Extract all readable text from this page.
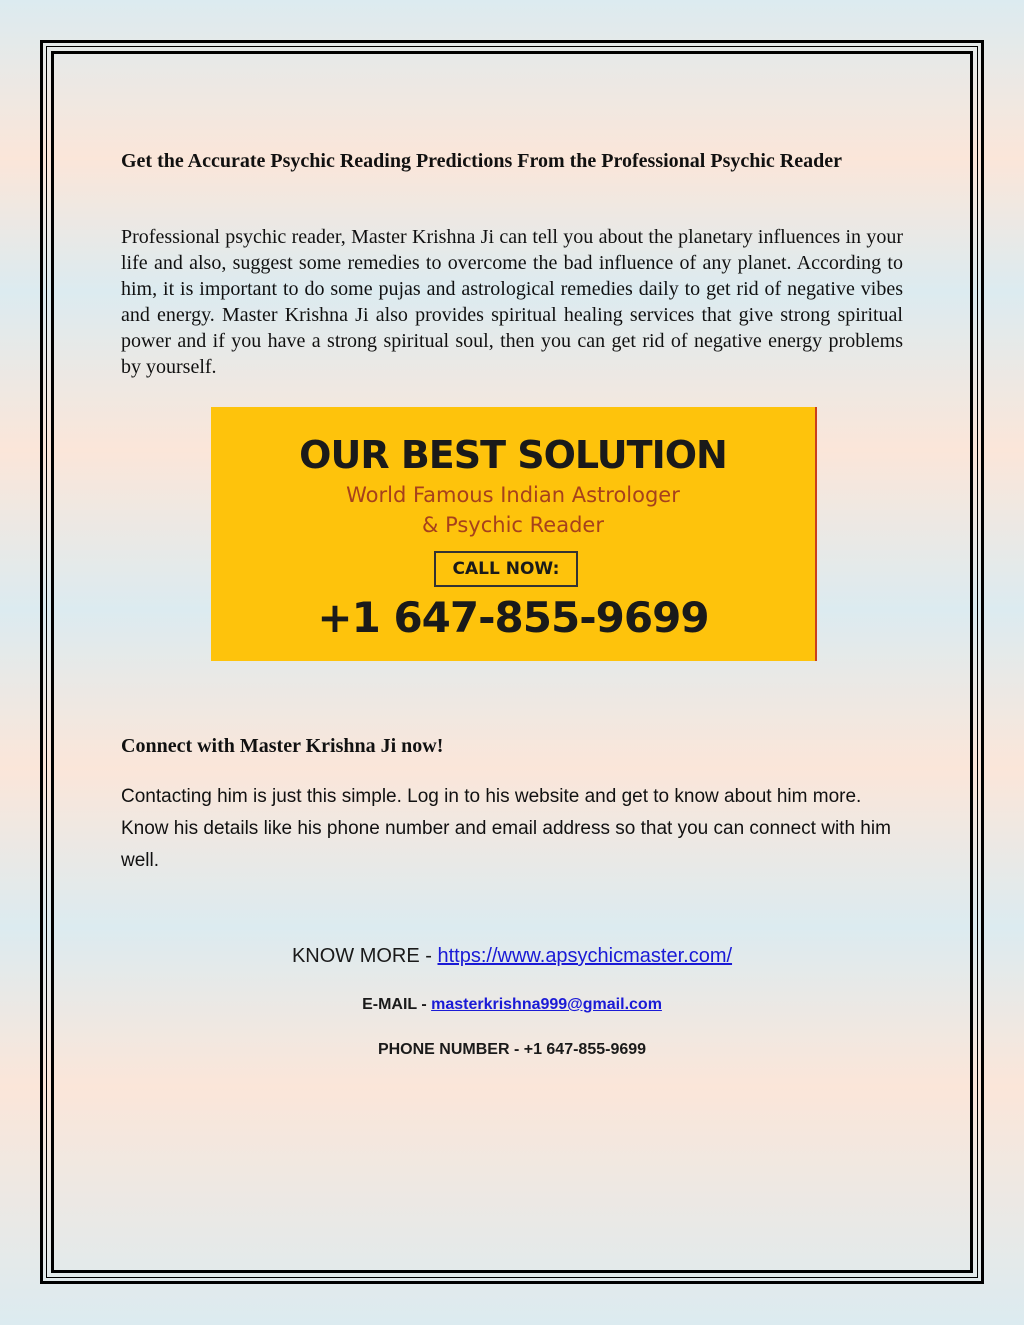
Get the Accurate Psychic Reading Predictions From the Professional Psychic Reader

Professional psychic reader, Master Krishna Ji can tell you about the planetary influences in your life and also, suggest some remedies to overcome the bad influence of any planet. According to him, it is important to do some pujas and astrological remedies daily to get rid of negative vibes and energy. Master Krishna Ji also provides spiritual healing services that give strong spiritual power and if you have a strong spiritual soul, then you can get rid of negative energy problems by yourself.

OUR BEST SOLUTION
World Famous Indian Astrologer
& Psychic Reader
CALL NOW:
+1 647-855-9699
Connect with Master Krishna Ji now!

Contacting him is just this simple. Log in to his website and get to know about him more. Know his details like his phone number and email address so that you can connect with him well.

KNOW MORE - https://www.apsychicmaster.com/
E-MAIL - masterkrishna999@gmail.com
PHONE NUMBER - +1 647-855-9699
